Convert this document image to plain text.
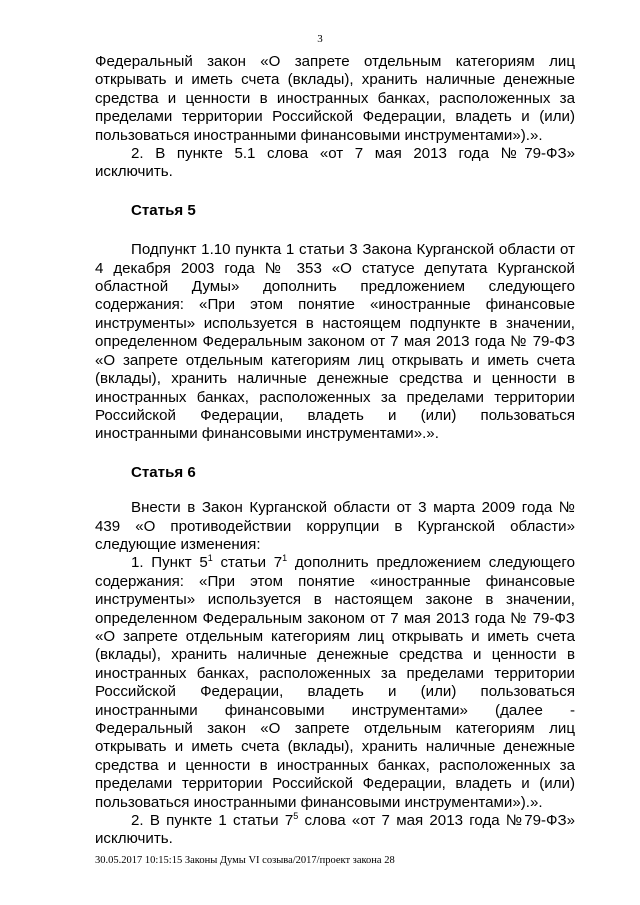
3

Федеральный закон «О запрете отдельным категориям лиц открывать и иметь счета (вклады), хранить наличные денежные средства и ценности в иностранных банках, расположенных за пределами территории Российской Федерации, владеть и (или) пользоваться иностранными финансовыми инструментами»).».

2. В пункте 5.1 слова «от 7 мая 2013 года №79-ФЗ» исключить.

Статья 5

Подпункт 1.10 пункта 1 статьи 3 Закона Курганской области от 4 декабря 2003 года № 353 «О статусе депутата Курганской областной Думы» дополнить предложением следующего содержания: «При этом понятие «иностранные финансовые инструменты» используется в настоящем подпункте в значении, определенном Федеральным законом от 7 мая 2013 года № 79-ФЗ «О запрете отдельным категориям лиц открывать и иметь счета (вклады), хранить наличные денежные средства и ценности в иностранных банках, расположенных за пределами территории Российской Федерации, владеть и (или) пользоваться иностранными финансовыми инструментами».».

Статья 6

Внести в Закон Курганской области от 3 марта 2009 года № 439 «О противодействии коррупции в Курганской области» следующие изменения:

1. Пункт $5^1$ статьи $7^1$ дополнить предложением следующего содержания: «При этом понятие «иностранные финансовые инструменты» используется в настоящем законе в значении, определенном Федеральным законом от 7 мая 2013 года № 79-ФЗ «О запрете отдельным категориям лиц открывать и иметь счета (вклады), хранить наличные денежные средства и ценности в иностранных банках, расположенных за пределами территории Российской Федерации, владеть и (или) пользоваться иностранными финансовыми инструментами» (далее - Федеральный закон «О запрете отдельным категориям лиц открывать и иметь счета (вклады), хранить наличные денежные средства и ценности в иностранных банках, расположенных за пределами территории Российской Федерации, владеть и (или) пользоваться иностранными финансовыми инструментами»).».

2. В пункте 1 статьи $7^5$ слова «от 7 мая 2013 года №79-ФЗ» исключить.

30.05.2017 10:15:15 Законы Думы VI созыва/2017/проект закона 28
